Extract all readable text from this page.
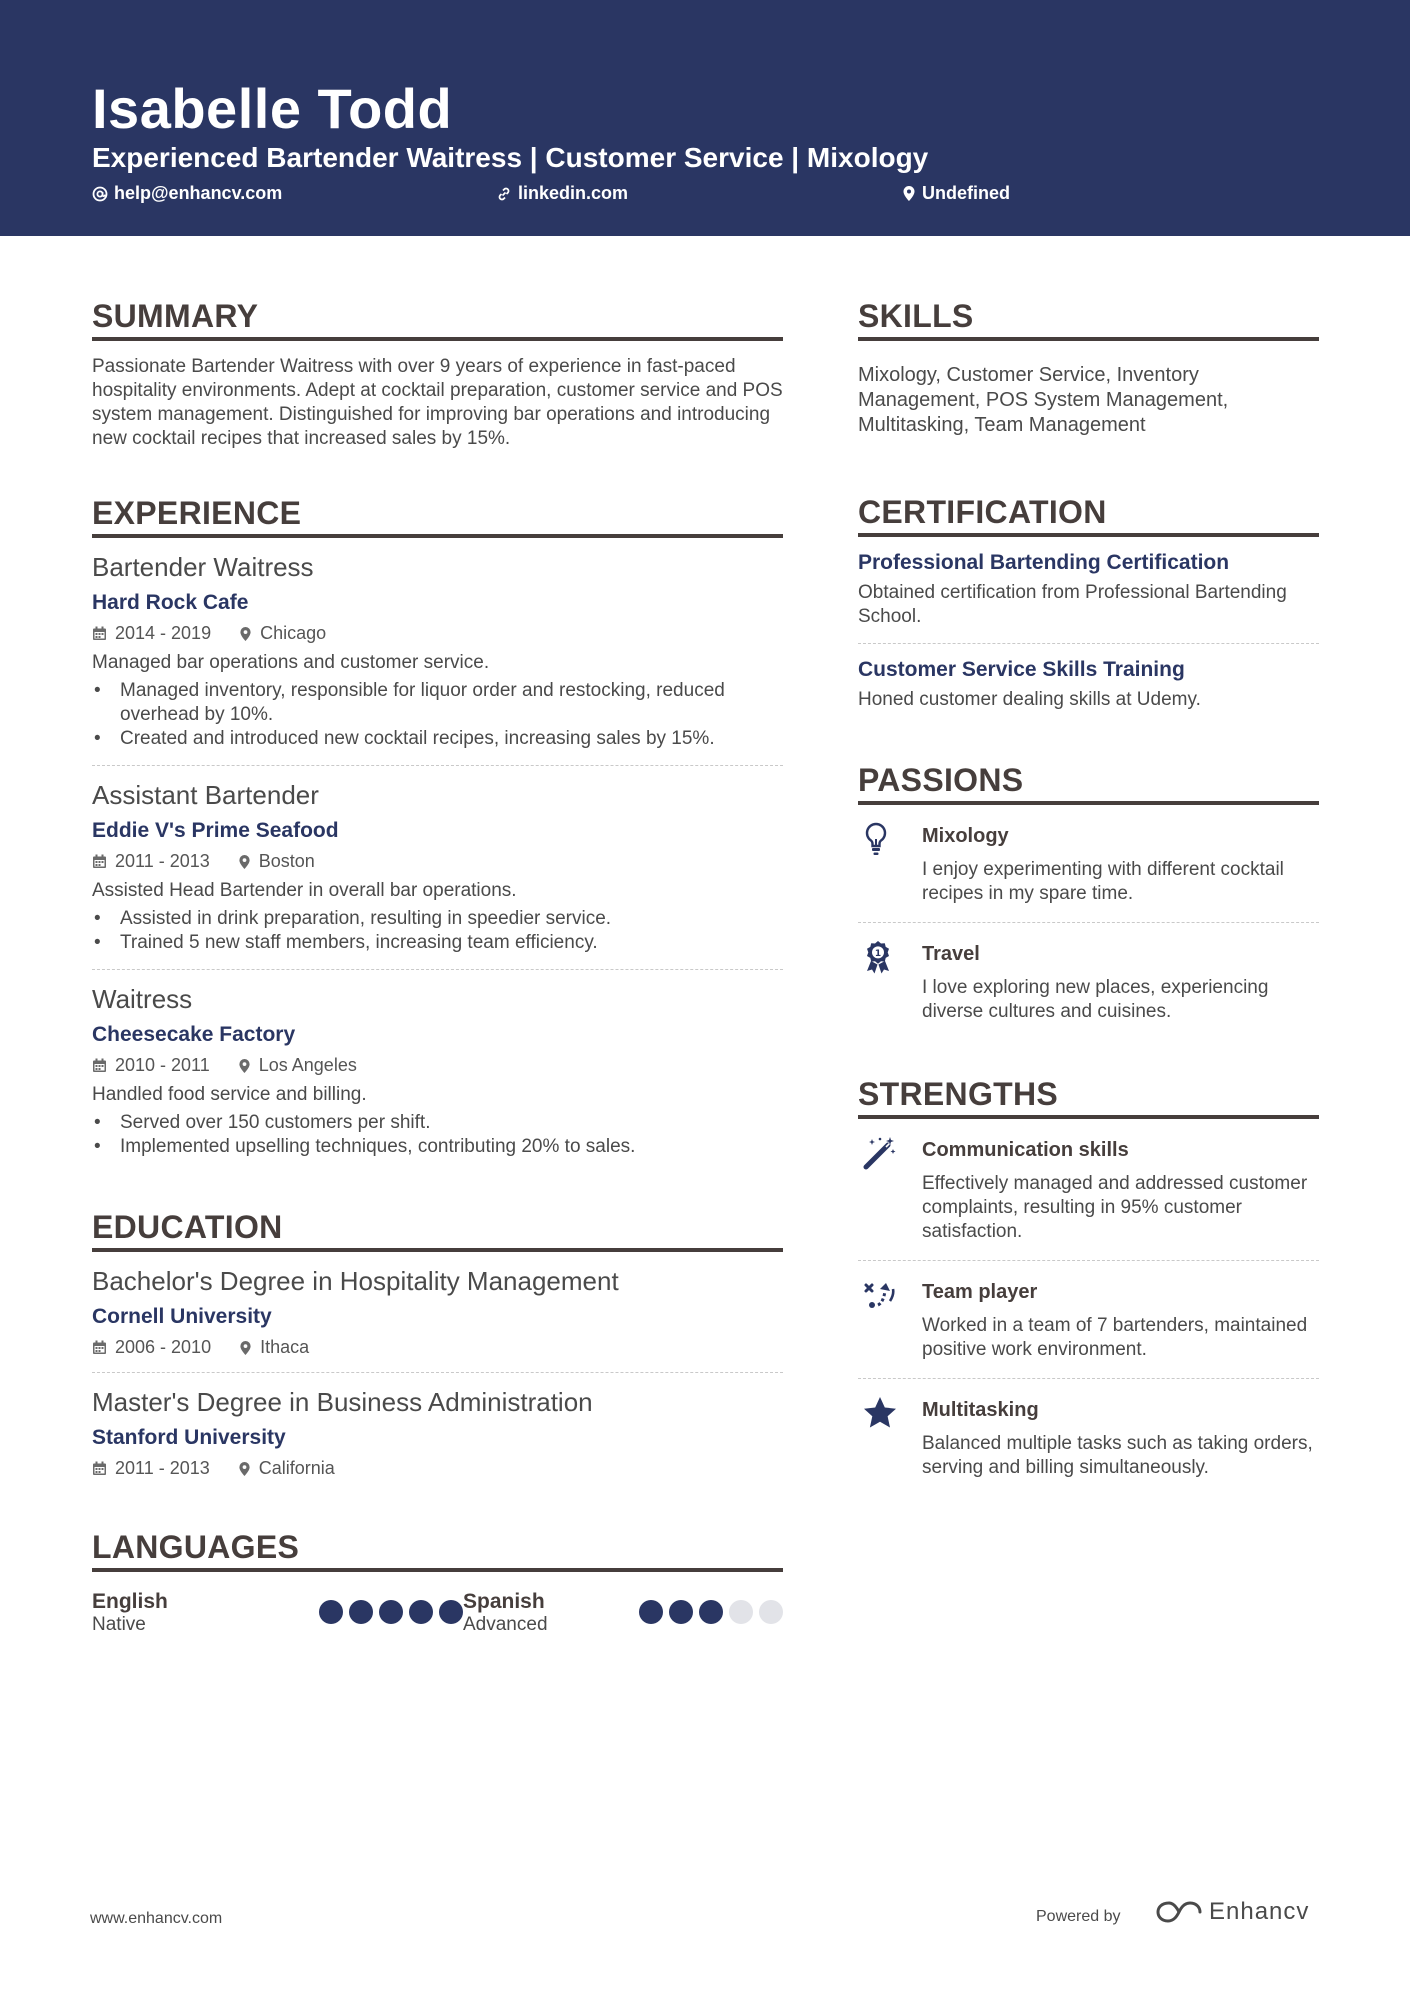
Isabelle Todd
Experienced Bartender Waitress | Customer Service | Mixology
help@enhancv.com	linkedin.com	Undefined
SUMMARY

Passionate Bartender Waitress with over 9 years of experience in fast-paced hospitality environments. Adept at cocktail preparation, customer service and POS system management. Distinguished for improving bar operations and introducing new cocktail recipes that increased sales by 15%.

EXPERIENCE
Bartender Waitress
Hard Rock Cafe
2014 - 2019	Chicago

Managed bar operations and customer service.

• Managed inventory, responsible for liquor order and restocking, reduced overhead by 10%.
• Created and introduced new cocktail recipes, increasing sales by 15%.
Assistant Bartender
Eddie V's Prime Seafood
2011 - 2013	Boston

Assisted Head Bartender in overall bar operations.

• Assisted in drink preparation, resulting in speedier service.
• Trained 5 new staff members, increasing team efficiency.
Waitress
Cheesecake Factory
2010 - 2011	Los Angeles

Handled food service and billing.

• Served over 150 customers per shift.
• Implemented upselling techniques, contributing 20% to sales.
EDUCATION
Bachelor's Degree in Hospitality Management
Cornell University
2006 - 2010	Ithaca
Master's Degree in Business Administration
Stanford University
2011 - 2013	California
LANGUAGES
English
Native
Spanish
Advanced
SKILLS

Mixology, Customer Service, Inventory Management, POS System Management, Multitasking, Team Management

CERTIFICATION
Professional Bartending Certification

Obtained certification from Professional Bartending School.

Customer Service Skills Training

Honed customer dealing skills at Udemy.

PASSIONS
Mixology

I enjoy experimenting with different cocktail recipes in my spare time.

1 Travel

I love exploring new places, experiencing diverse cultures and cuisines.

STRENGTHS
Communication skills

Effectively managed and addressed customer complaints, resulting in 95% customer satisfaction.

Team player

Worked in a team of 7 bartenders, maintained positive work environment.

Multitasking

Balanced multiple tasks such as taking orders, serving and billing simultaneously.

www.enhancv.com	Powered by	Enhancv
